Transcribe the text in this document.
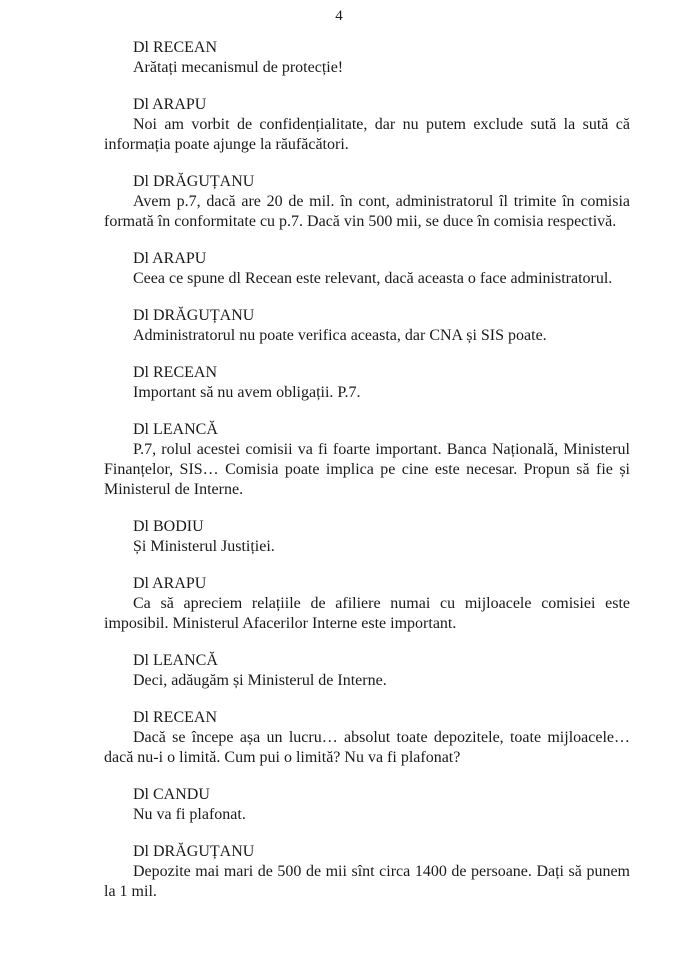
4

Dl RECEAN

Arătați mecanismul de protecție!

Dl ARAPU

Noi am vorbit de confidențialitate, dar nu putem exclude sută la sută că informația poate ajunge la răufăcători.

Dl DRĂGUȚANU

Avem p.7, dacă are 20 de mil. în cont, administratorul îl trimite în comisia formată în conformitate cu p.7. Dacă vin 500 mii, se duce în comisia respectivă.

Dl ARAPU

Ceea ce spune dl Recean este relevant, dacă aceasta o face administratorul.

Dl DRĂGUȚANU

Administratorul nu poate verifica aceasta, dar CNA și SIS poate.

Dl RECEAN

Important să nu avem obligații. P.7.

Dl LEANCĂ

P.7, rolul acestei comisii va fi foarte important. Banca Națională, Ministerul Finanțelor, SIS… Comisia poate implica pe cine este necesar. Propun să fie și Ministerul de Interne.

Dl BODIU

Și Ministerul Justiției.

Dl ARAPU

Ca să apreciem relațiile de afiliere numai cu mijloacele comisiei este imposibil. Ministerul Afacerilor Interne este important.

Dl LEANCĂ

Deci, adăugăm și Ministerul de Interne.

Dl RECEAN

Dacă se începe așa un lucru… absolut toate depozitele, toate mijloacele… dacă nu-i o limită. Cum pui o limită? Nu va fi plafonat?

Dl CANDU

Nu va fi plafonat.

Dl DRĂGUȚANU

Depozite mai mari de 500 de mii sînt circa 1400 de persoane. Dați să punem la 1 mil.
